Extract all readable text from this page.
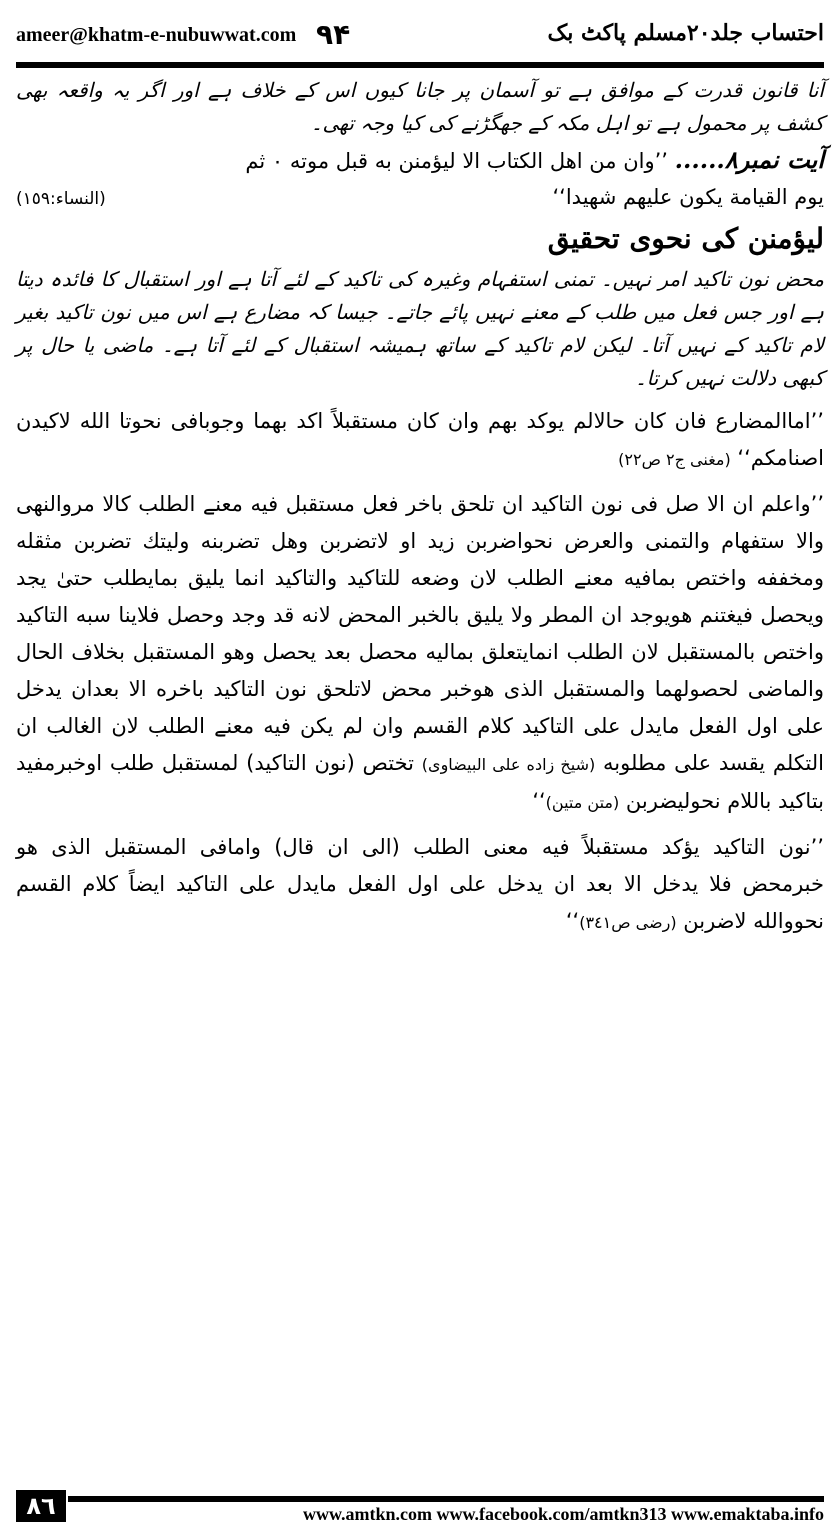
ameer@khatm-e-nubuwwat.com ٩۴	احتساب جلد۲۰مسلم پاکٹ بک

آنا قانون قدرت کے موافق ہے تو آسمان پر جانا کیوں اس کے خلاف ہے اور اگر یہ واقعہ بھی کشف پر محمول ہے تو اہل مکہ کے جھگڑنے کی کیا وجہ تھی۔

آیت نمبر۸...... ’’وان من اهل الكتاب الا ليؤمنن به قبل موته ٠ ثم
يوم القيامة يكون عليهم شهيدا‘‘
(النساء:١٥٩)
لیؤمنن کی نحوی تحقیق

محض نون تاکید امر نہیں۔ تمنی استفہام وغیرہ کی تاکید کے لئے آتا ہے اور استقبال کا فائدہ دیتا ہے اور جس فعل میں طلب کے معنے نہیں پائے جاتے۔ جیسا کہ مضارع ہے اس میں نون تاکید بغیر لام تاکید کے نہیں آتا۔ لیکن لام تاکید کے ساتھ ہمیشہ استقبال کے لئے آتا ہے۔ ماضی یا حال پر کبھی دلالت نہیں کرتا۔

’’اماالمضارع فان كان حالالم يوكد بهم وان كان مستقبلاً اكد بهما وجوبافى نحوتا الله لاكيدن اصنامكم‘‘ (مغنى ج٢ ص٢٢)

’’واعلم ان الا صل فى نون التاكيد ان تلحق باخر فعل مستقبل فيه معنے الطلب كالا مروالنهى والا ستفهام والتمنى والعرض نحواضربن زيد او لاتضربن وهل تضربنه وليتك تضربن مثقله ومخففه واختص بمافيه معنے الطلب لان وضعه للتاكيد والتاكيد انما يليق بمايطلب حتىٰ يجد ويحصل فيغتنم هويوجد ان المطر ولا يليق بالخبر المحض لانه قد وجد وحصل فلاينا سبه التاكيد واختص بالمستقبل لان الطلب انمايتعلق بماليه محصل بعد يحصل وهو المستقبل بخلاف الحال والماضى لحصولهما والمستقبل الذى هوخبر محض لاتلحق نون التاكيد باخره الا بعدان يدخل على اول الفعل مايدل على التاكيد كلام القسم وان لم يكن فيه معنے الطلب لان الغالب ان التكلم يقسد على مطلوبه (شيخ زاده على البيضاوى) تختص (نون التاكيد) لمستقبل طلب اوخبرمفيد بتاكيد باللام نحوليضربن (متن متين)‘‘

’’نون التاكيد يؤكد مستقبلاً فيه معنى الطلب (الى ان قال) وامافى المستقبل الذى هو خبرمحض فلا يدخل الا بعد ان يدخل على اول الفعل مايدل على التاكيد ايضاً كلام القسم نحووالله لاضربن (رضى ص٣٤١)‘‘

٨٦	www.amtkn.com www.facebook.com/amtkn313 www.emaktaba.info
